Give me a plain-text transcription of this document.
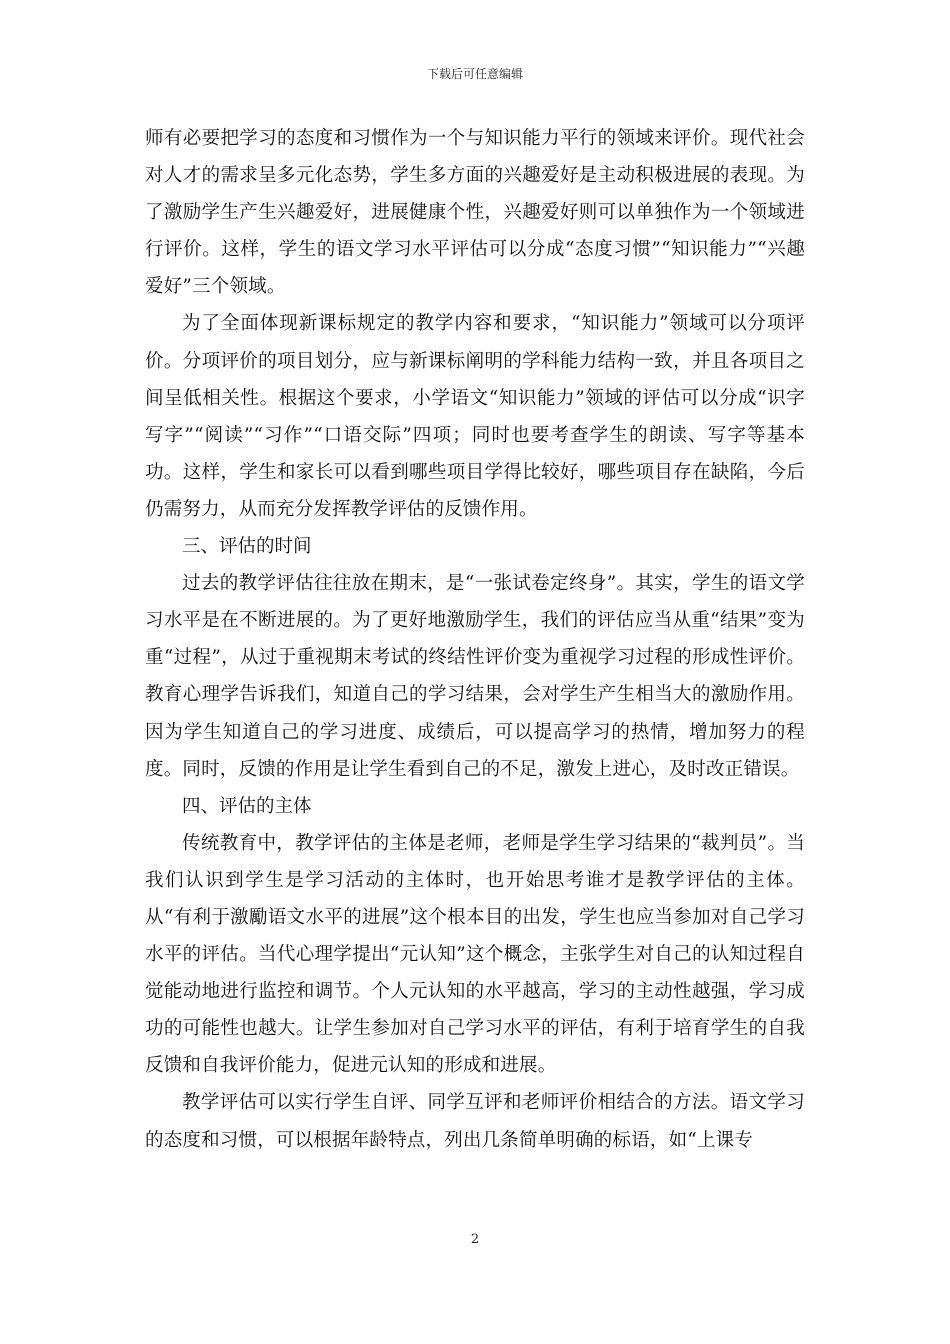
下载后可任意编辑

师有必要把学习的态度和习惯作为一个与知识能力平行的领域来评价。现代社会对人才的需求呈多元化态势，学生多方面的兴趣爱好是主动积极进展的表现。为了激励学生产生兴趣爱好，进展健康个性，兴趣爱好则可以单独作为一个领域进行评价。这样，学生的语文学习水平评估可以分成“态度习惯”“知识能力”“兴趣爱好”三个领域。

为了全面体现新课标规定的教学内容和要求，“知识能力”领域可以分项评价。分项评价的项目划分，应与新课标阐明的学科能力结构一致，并且各项目之间呈低相关性。根据这个要求，小学语文“知识能力”领域的评估可以分成“识字写字”“阅读”“习作”“口语交际”四项；同时也要考查学生的朗读、写字等基本功。这样，学生和家长可以看到哪些项目学得比较好，哪些项目存在缺陷，今后仍需努力，从而充分发挥教学评估的反馈作用。

三、评估的时间

过去的教学评估往往放在期末，是“一张试卷定终身”。其实，学生的语文学习水平是在不断进展的。为了更好地激励学生，我们的评估应当从重“结果”变为重“过程”，从过于重视期末考试的终结性评价变为重视学习过程的形成性评价。教育心理学告诉我们，知道自己的学习结果，会对学生产生相当大的激励作用。因为学生知道自己的学习进度、成绩后，可以提高学习的热情，增加努力的程度。同时，反馈的作用是让学生看到自己的不足，激发上进心，及时改正错误。

四、评估的主体

传统教育中，教学评估的主体是老师，老师是学生学习结果的“裁判员”。当我们认识到学生是学习活动的主体时，也开始思考谁才是教学评估的主体。从“有利于激勵语文水平的进展”这个根本目的出发，学生也应当参加对自己学习水平的评估。当代心理学提出“元认知”这个概念，主张学生对自己的认知过程自觉能动地进行监控和调节。个人元认知的水平越高，学习的主动性越强，学习成功的可能性也越大。让学生参加对自己学习水平的评估，有利于培育学生的自我反馈和自我评价能力，促进元认知的形成和进展。

教学评估可以实行学生自评、同学互评和老师评价相结合的方法。语文学习的态度和习惯，可以根据年龄特点，列出几条简单明确的标语，如“上课专

2
